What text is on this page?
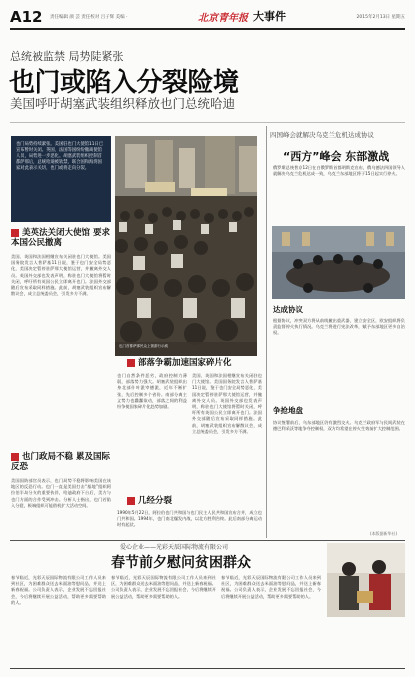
A12 责任编辑 颜 芸 责任校对 吕子辉 美编 ·	北京青年报 大事件	2015年2月13日 星期五
总统被监禁 局势陡紧张
也门或陷入分裂险境
美国呼吁胡塞武装组织释放也门总统哈迪

也门局势持续紧张。美国驻也门大使馆11日已宣布暂时关闭。英国、法国等国纷纷撤离使馆人员，局势进一步恶化。胡塞武装组织控制首都萨那后，总统哈迪被软禁，联合国和海湾国家对此表示关切，也门或将走向分裂。

美英法关闭大使馆 要求本国公民撤离
美国、英国和法国相继宣布关闭驻也门大使馆。美国国务院发言人普萨基11日说，鉴于也门安全局势恶化，美国决定暂停驻萨那大使馆运营，并撤离外交人员。英国外交部也发表声明，称驻也门大使馆将暂时关闭，呼吁所有英国公民立即离开也门。法国外交部随后宣布采取同样措施。此前，胡塞武装组织宣布解散议会，成立总统委员会，引发多方不满。
也门政局不稳 累及国际反恐
美国国防部官员表示，也门局势不稳将影响美国在该地区的反恐行动。也门一直是美国打击“基地”组织阿拉伯半岛分支的重要伙伴，哈迪政府下台后，美方与也门方面的合作受到冲击。分析人士指出，也门若陷入分裂，极端组织可能借机扩大活动空间。
也门首都萨那民众上街游行示威
部落争霸加速国家碎片化
也门自然条件恶劣，政府控制力薄弱，部落势力强大。胡塞武装组织出身北部什叶派宰德派，近年不断扩张，先后控制多个省份。南部分离主义势力也蠢蠢欲动，部落之间的利益纷争使国家碎片化趋势加剧。
美国、英国和法国相继宣布关闭驻也门大使馆。美国国务院发言人普萨基11日说，鉴于也门安全局势恶化，美国决定暂停驻萨那大使馆运营，并撤离外交人员。英国外交部也发表声明，称驻也门大使馆将暂时关闭，呼吁所有英国公民立即离开也门。法国外交部随后宣布采取同样措施。此前，胡塞武装组织宣布解散议会，成立总统委员会，引发多方不满。
几经分裂
1990年5月22日，阿拉伯也门共和国与也门民主人民共和国宣布合并，成立也门共和国。1994年，也门南北爆发内战，以北方胜利告终。此后南部分离运动时有起伏。
四国峰会就解决乌克兰危机达成协议
“西方”峰会 东部激战
俄罗斯总统普京12日在白俄罗斯首都明斯克宣布，俄乌德法四国领导人就解决乌克兰危机达成一致，乌克兰东部地区将于15日起实行停火。
达成协议
根据协议，冲突双方将从前线撤出重武器，建立安全区，欧安组织将负责监督停火执行情况。乌克兰将进行宪法改革，赋予东部地区更多自治权。
争抢地盘
协议签署前后，乌东部地区仍有激烈交火。乌克兰政府军与民间武装在德巴利采沃等地争夺控制权，双方均希望在停火生效前扩大控制范围。
(本版据新华社)
爱心企业——光彩天辰国际物流有限公司
春节前夕慰问贫困群众
春节临近，光彩天辰国际物流有限公司工作人员来到社区，为困难群众送去米面油等慰问品，并送上新春祝福。公司负责人表示，企业发展不忘回报社会，今后将继续开展公益活动，帮助更多需要帮助的人。
春节临近，光彩天辰国际物流有限公司工作人员来到社区，为困难群众送去米面油等慰问品，并送上新春祝福。公司负责人表示，企业发展不忘回报社会，今后将继续开展公益活动，帮助更多需要帮助的人。
春节临近，光彩天辰国际物流有限公司工作人员来到社区，为困难群众送去米面油等慰问品，并送上新春祝福。公司负责人表示，企业发展不忘回报社会，今后将继续开展公益活动，帮助更多需要帮助的人。
